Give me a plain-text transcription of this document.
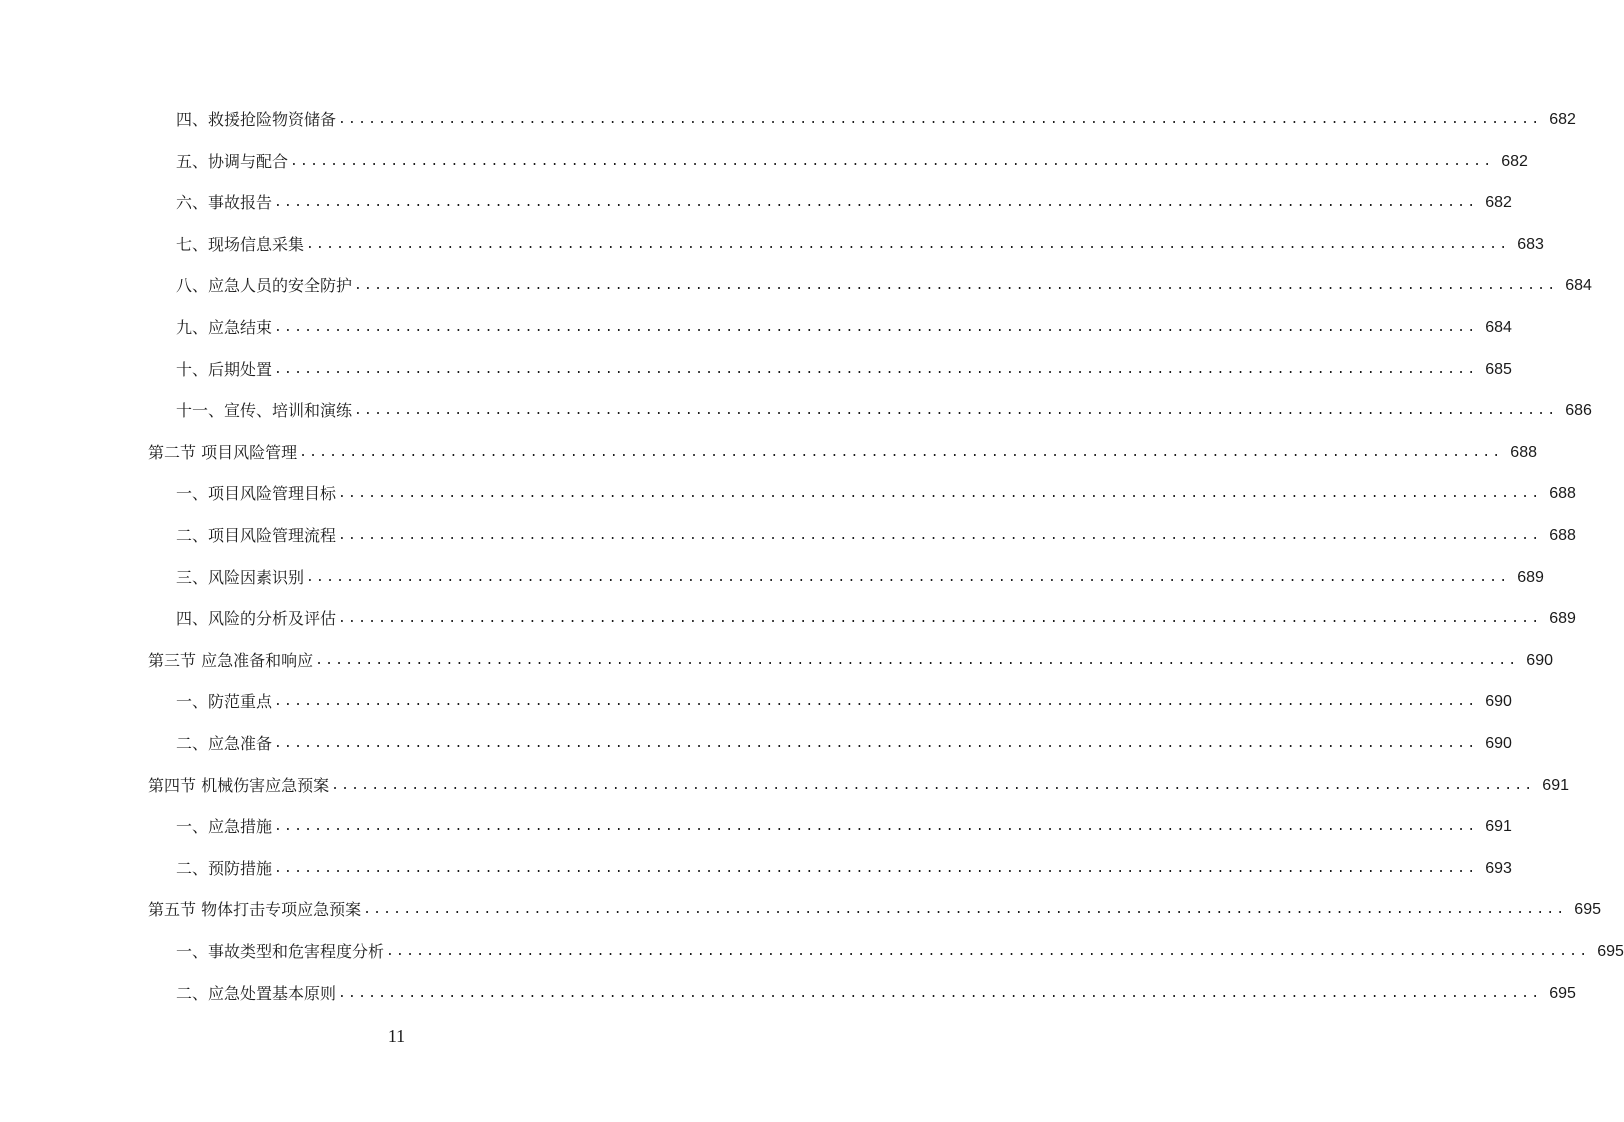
四、救援抢险物资储备 ........................................................................................................................ 682
五、协调与配合 ........................................................................................................................ 682
六、事故报告 ........................................................................................................................ 682
七、现场信息采集 ........................................................................................................................ 683
八、应急人员的安全防护 ........................................................................................................................ 684
九、应急结束 ........................................................................................................................ 684
十、后期处置 ........................................................................................................................ 685
十一、宣传、培训和演练 ........................................................................................................................ 686
第二节 项目风险管理 ........................................................................................................................ 688
一、项目风险管理目标 ........................................................................................................................ 688
二、项目风险管理流程 ........................................................................................................................ 688
三、风险因素识别 ........................................................................................................................ 689
四、风险的分析及评估 ........................................................................................................................ 689
第三节 应急准备和响应 ........................................................................................................................ 690
一、防范重点 ........................................................................................................................ 690
二、应急准备 ........................................................................................................................ 690
第四节 机械伤害应急预案 ........................................................................................................................ 691
一、应急措施 ........................................................................................................................ 691
二、预防措施 ........................................................................................................................ 693
第五节 物体打击专项应急预案 ........................................................................................................................ 695
一、事故类型和危害程度分析 ........................................................................................................................ 695
二、应急处置基本原则 ........................................................................................................................ 695
11
